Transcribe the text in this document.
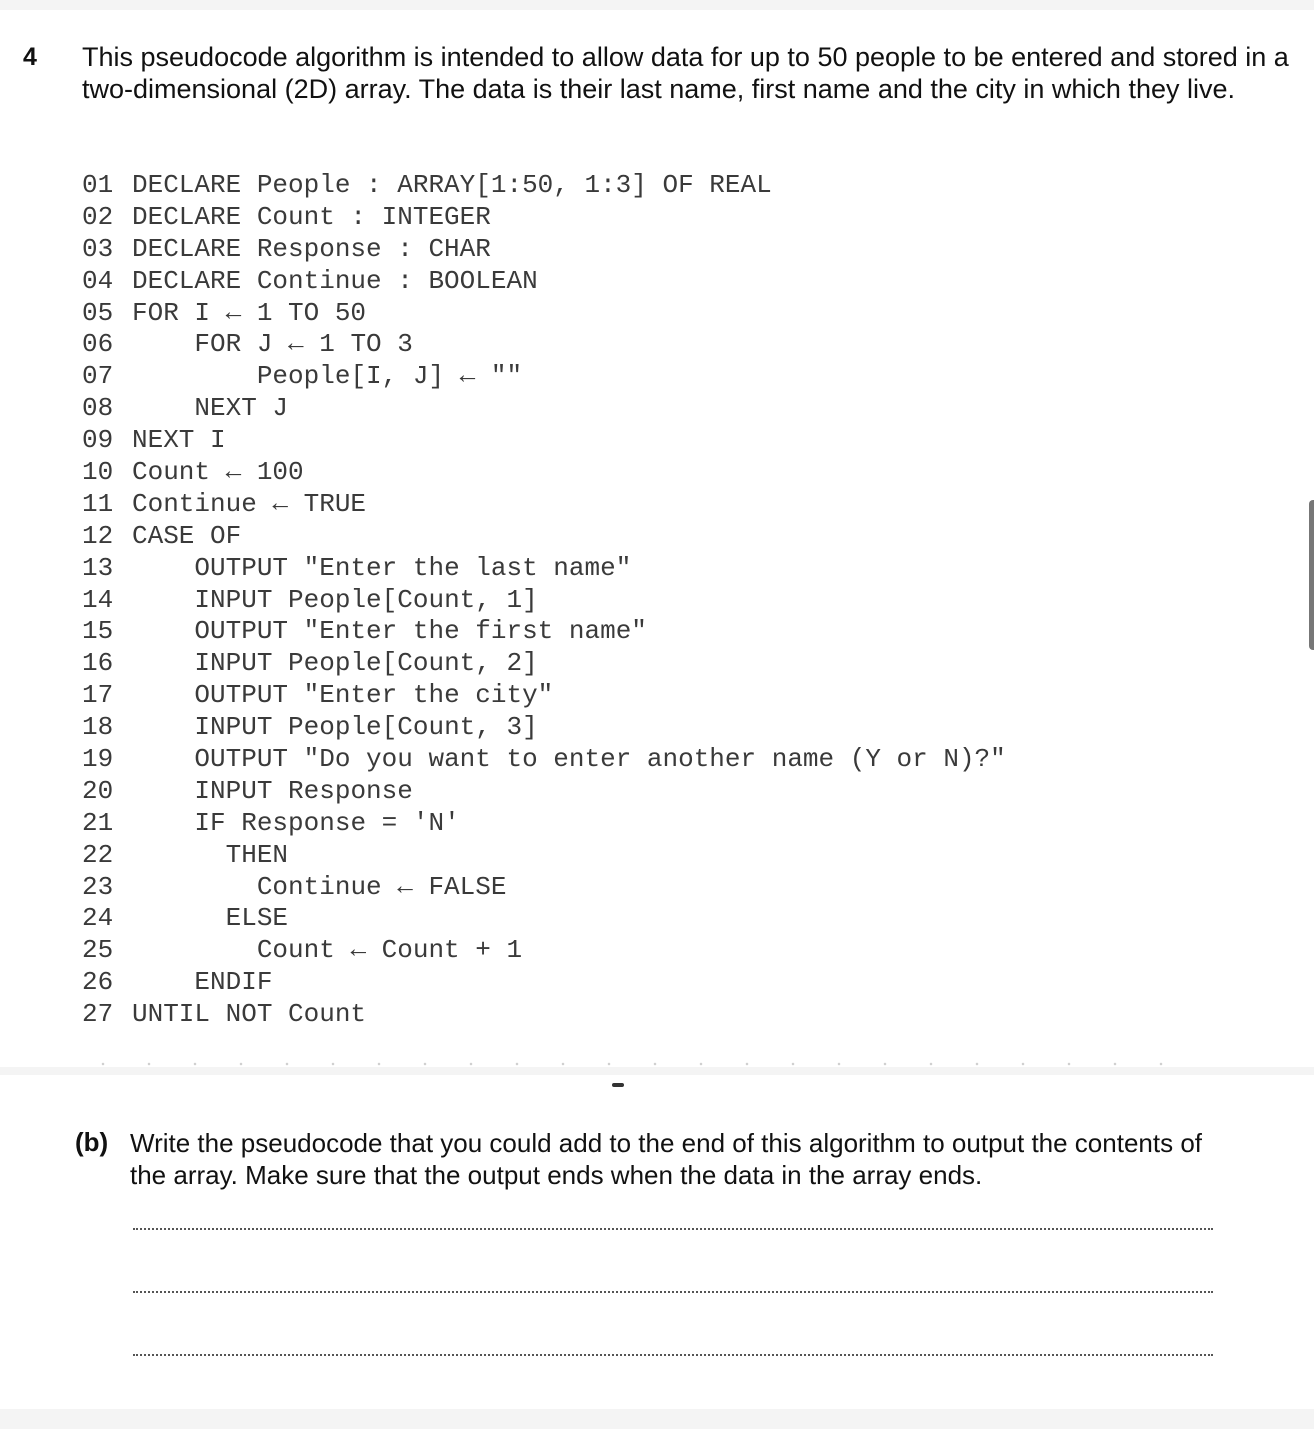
4 This pseudocode algorithm is intended to allow data for up to 50 people to be entered and stored in a two-dimensional (2D) array. The data is their last name, first name and the city in which they live.
01 DECLARE People : ARRAY[1:50, 1:3] OF REAL
02 DECLARE Count : INTEGER
03 DECLARE Response : CHAR
04 DECLARE Continue : BOOLEAN
05 FOR I ← 1 TO 50
06	FOR J ← 1 TO 3
07	People[I, J] ← ""
08	NEXT J
09 NEXT I
10 Count ← 100
11 Continue ← TRUE
12 CASE OF
13	OUTPUT "Enter the last name"
14	INPUT People[Count, 1]
15	OUTPUT "Enter the first name"
16	INPUT People[Count, 2]
17	OUTPUT "Enter the city"
18	INPUT People[Count, 3]
19	OUTPUT "Do you want to enter another name (Y or N)?"
20	INPUT Response
21	IF Response = 'N'
22	THEN
23	Continue ← FALSE
24	ELSE
25	Count ← Count + 1
26	ENDIF
27 UNTIL NOT Count
(b) Write the pseudocode that you could add to the end of this algorithm to output the contents of the array. Make sure that the output ends when the data in the array ends.
